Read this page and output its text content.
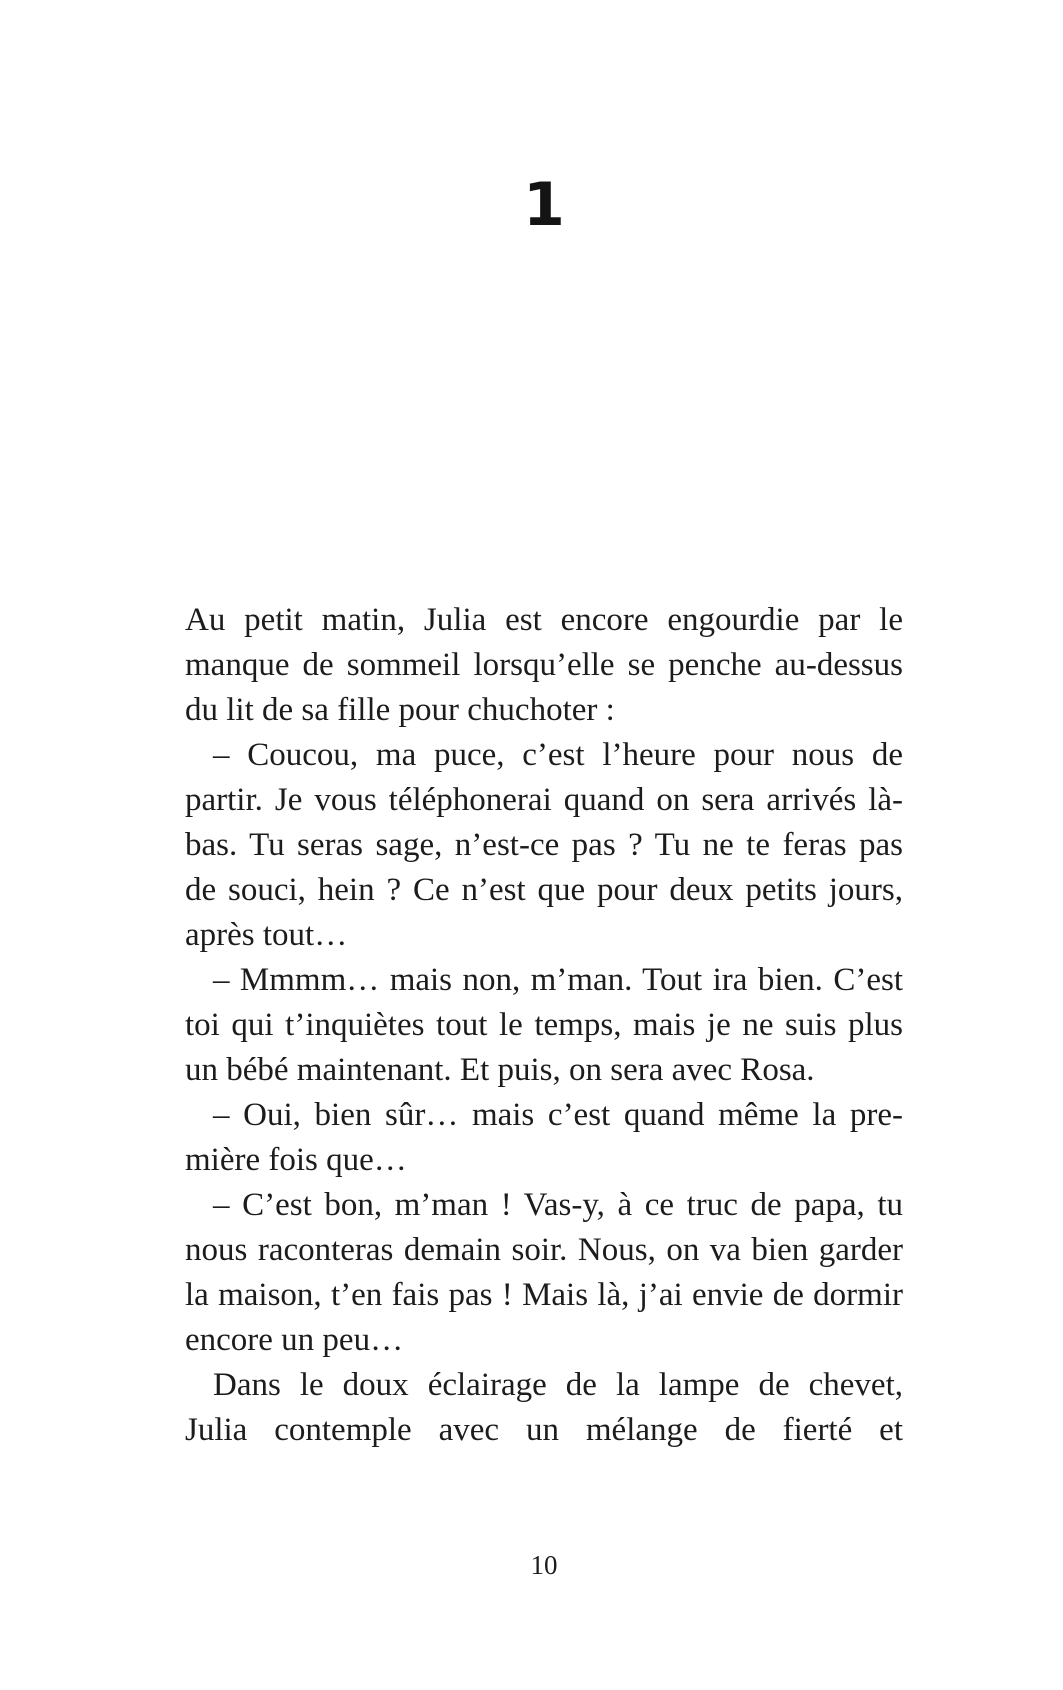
1
Au petit matin, Julia est encore engourdie par le
manque de sommeil lorsqu’elle se penche au-dessus
du lit de sa fille pour chuchoter :
– Coucou, ma puce, c’est l’heure pour nous de
partir. Je vous téléphonerai quand on sera arrivés là-
bas. Tu seras sage, n’est-ce pas ? Tu ne te feras pas
de souci, hein ? Ce n’est que pour deux petits jours,
après tout…
– Mmmm… mais non, m’man. Tout ira bien. C’est
toi qui t’inquiètes tout le temps, mais je ne suis plus
un bébé maintenant. Et puis, on sera avec Rosa.
– Oui, bien sûr… mais c’est quand même la pre-
mière fois que…
– C’est bon, m’man ! Vas-y, à ce truc de papa, tu
nous raconteras demain soir. Nous, on va bien garder
la maison, t’en fais pas ! Mais là, j’ai envie de dormir
encore un peu…
Dans le doux éclairage de la lampe de chevet,
Julia contemple avec un mélange de fierté et
10
